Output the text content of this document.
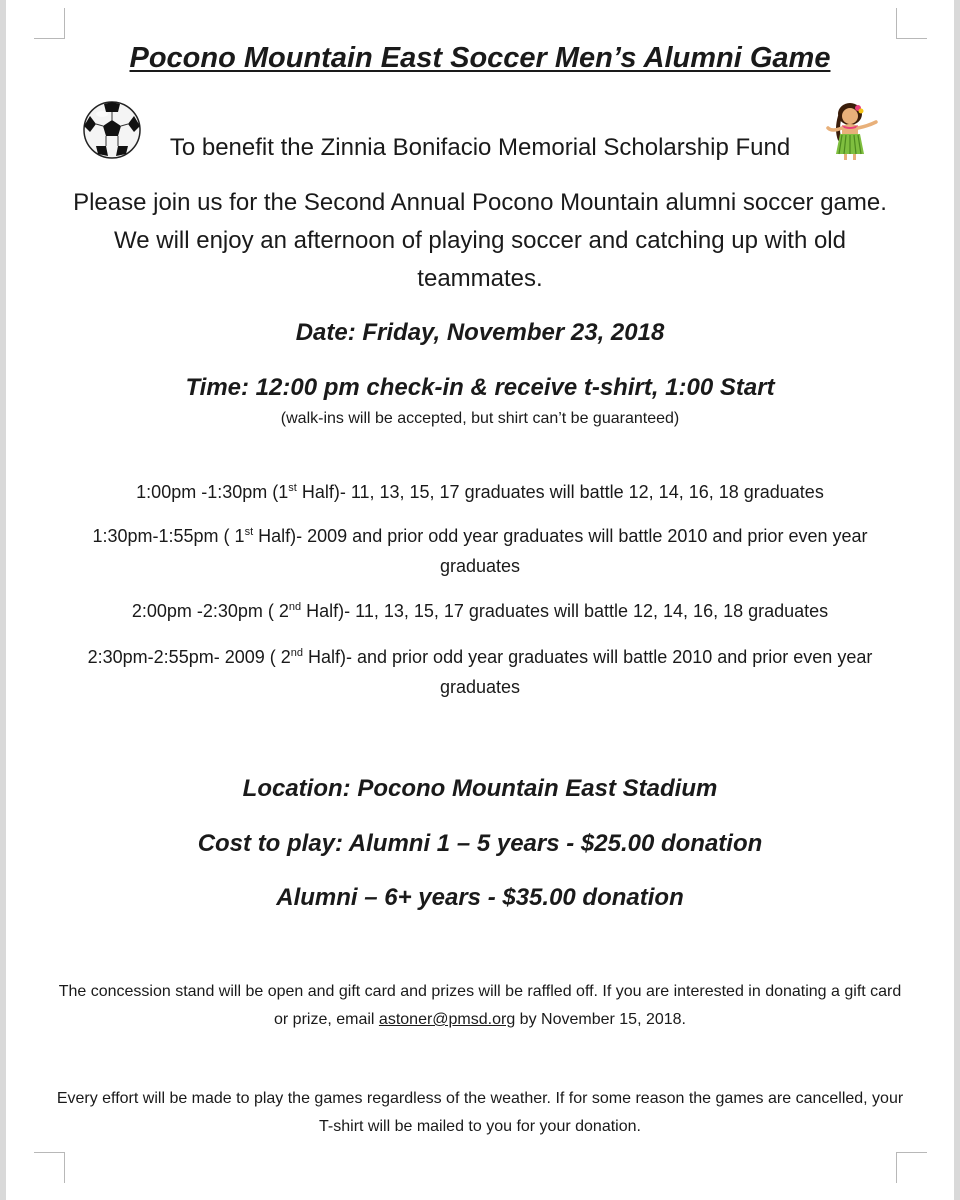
Pocono Mountain East Soccer Men’s Alumni Game
To benefit the Zinnia Bonifacio Memorial Scholarship Fund
Please join us for the Second Annual Pocono Mountain alumni soccer game. We will enjoy an afternoon of playing soccer and catching up with old teammates.
Date: Friday, November 23, 2018
Time: 12:00 pm check-in & receive t-shirt, 1:00 Start
(walk-ins will be accepted, but shirt can’t be guaranteed)
1:00pm -1:30pm (1st Half)- 11, 13, 15, 17 graduates will battle 12, 14, 16, 18 graduates
1:30pm-1:55pm ( 1st Half)- 2009 and prior odd year graduates will battle 2010 and prior even year graduates
2:00pm -2:30pm ( 2nd Half)- 11, 13, 15, 17 graduates will battle 12, 14, 16, 18 graduates
2:30pm-2:55pm- 2009 ( 2nd Half)- and prior odd year graduates will battle 2010 and prior even year graduates
Location: Pocono Mountain East Stadium
Cost to play: Alumni 1 – 5 years - $25.00 donation
Alumni – 6+ years - $35.00 donation
The concession stand will be open and gift card and prizes will be raffled off. If you are interested in donating a gift card or prize, email astoner@pmsd.org by November 15, 2018.
Every effort will be made to play the games regardless of the weather. If for some reason the games are cancelled, your T-shirt will be mailed to you for your donation.
